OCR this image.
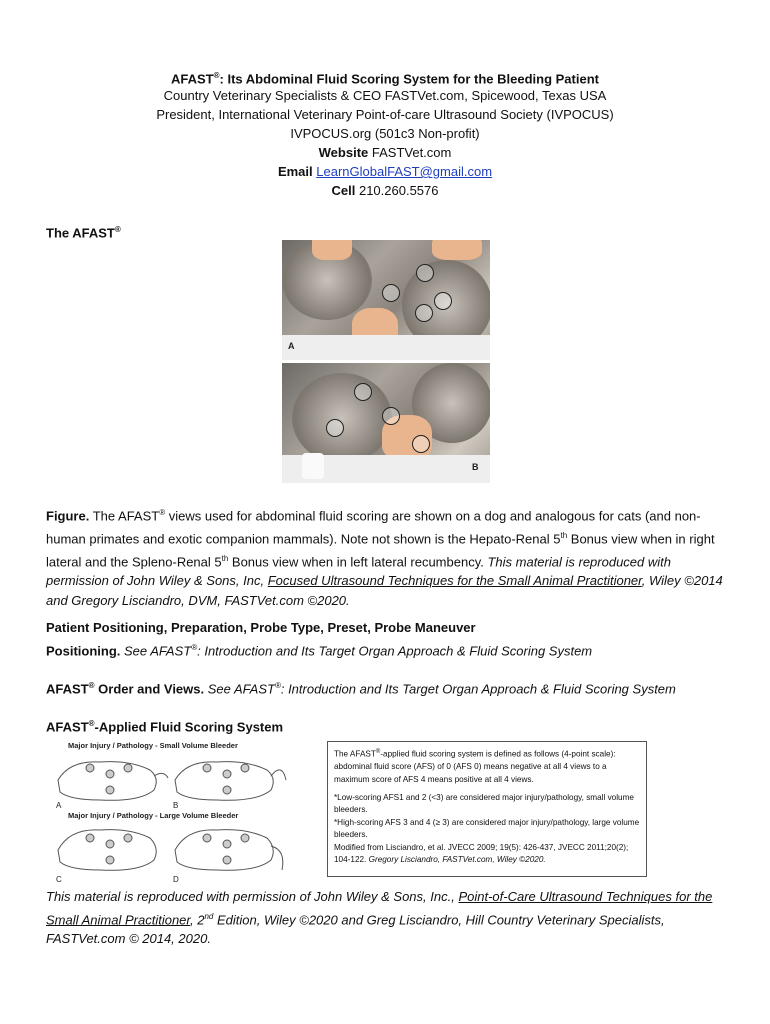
AFAST®: Its Abdominal Fluid Scoring System for the Bleeding Patient
Country Veterinary Specialists & CEO FASTVet.com, Spicewood, Texas USA
President, International Veterinary Point-of-care Ultrasound Society (IVPOCUS)
IVPOCUS.org (501c3 Non-profit)
Website FASTVet.com
Email LearnGlobalFAST@gmail.com
Cell 210.260.5576
The AFAST®
A
B
Figure. The AFAST® views used for abdominal fluid scoring are shown on a dog and analogous for cats (and non-human primates and exotic companion mammals). Note not shown is the Hepato-Renal 5th Bonus view when in right lateral and the Spleno-Renal 5th Bonus view when in left lateral recumbency. This material is reproduced with permission of John Wiley & Sons, Inc, Focused Ultrasound Techniques for the Small Animal Practitioner, Wiley ©2014 and Gregory Lisciandro, DVM, FASTVet.com ©2020.
Patient Positioning, Preparation, Probe Type, Preset, Probe Maneuver
Positioning. See AFAST®: Introduction and Its Target Organ Approach & Fluid Scoring System
AFAST® Order and Views. See AFAST®: Introduction and Its Target Organ Approach & Fluid Scoring System
AFAST®-Applied Fluid Scoring System
Major Injury / Pathology - Small Volume Bleeder
A	B
Major Injury / Pathology - Large Volume Bleeder
C	D

The AFAST®-applied fluid scoring system is defined as follows (4-point scale): abdominal fluid score (AFS) of 0 (AFS 0) means negative at all 4 views to a maximum score of AFS 4 means positive at all 4 views.

*Low-scoring AFS1 and 2 (<3) are considered major injury/pathology, small volume bleeders.

*High-scoring AFS 3 and 4 (≥ 3) are considered major injury/pathology, large volume bleeders.

Modified from Lisciandro, et al. JVECC 2009; 19(5): 426-437, JVECC 2011;20(2); 104-122. Gregory Lisciandro, FASTVet.com, Wiley ©2020.

This material is reproduced with permission of John Wiley & Sons, Inc., Point-of-Care Ultrasound Techniques for the Small Animal Practitioner, 2nd Edition, Wiley ©2020 and Greg Lisciandro, Hill Country Veterinary Specialists, FASTVet.com © 2014, 2020.
